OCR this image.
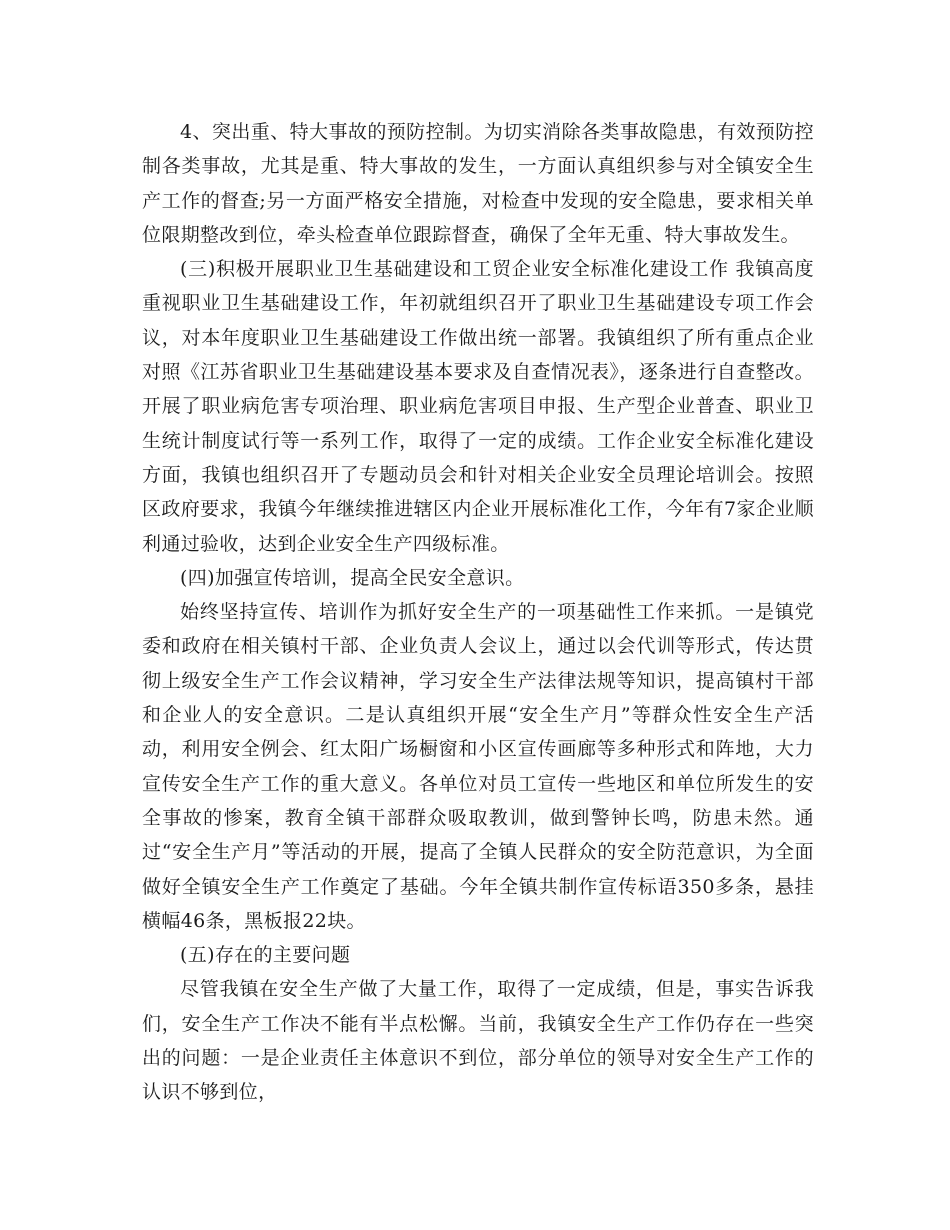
4、突出重、特大事故的预防控制。为切实消除各类事故隐患，有效预防控制各类事故，尤其是重、特大事故的发生，一方面认真组织参与对全镇安全生产工作的督查;另一方面严格安全措施，对检查中发现的安全隐患，要求相关单位限期整改到位，牵头检查单位跟踪督查，确保了全年无重、特大事故发生。

(三)积极开展职业卫生基础建设和工贸企业安全标准化建设工作 我镇高度重视职业卫生基础建设工作，年初就组织召开了职业卫生基础建设专项工作会议，对本年度职业卫生基础建设工作做出统一部署。我镇组织了所有重点企业对照《江苏省职业卫生基础建设基本要求及自查情况表》，逐条进行自查整改。开展了职业病危害专项治理、职业病危害项目申报、生产型企业普查、职业卫生统计制度试行等一系列工作，取得了一定的成绩。工作企业安全标准化建设方面，我镇也组织召开了专题动员会和针对相关企业安全员理论培训会。按照区政府要求，我镇今年继续推进辖区内企业开展标准化工作，今年有7家企业顺利通过验收，达到企业安全生产四级标准。

(四)加强宣传培训，提高全民安全意识。

始终坚持宣传、培训作为抓好安全生产的一项基础性工作来抓。一是镇党委和政府在相关镇村干部、企业负责人会议上，通过以会代训等形式，传达贯彻上级安全生产工作会议精神，学习安全生产法律法规等知识，提高镇村干部和企业人的安全意识。二是认真组织开展“安全生产月”等群众性安全生产活动，利用安全例会、红太阳广场橱窗和小区宣传画廊等多种形式和阵地，大力宣传安全生产工作的重大意义。各单位对员工宣传一些地区和单位所发生的安全事故的惨案，教育全镇干部群众吸取教训，做到警钟长鸣，防患未然。通过“安全生产月”等活动的开展，提高了全镇人民群众的安全防范意识，为全面做好全镇安全生产工作奠定了基础。今年全镇共制作宣传标语350多条，悬挂横幅46条，黑板报22块。

(五)存在的主要问题

尽管我镇在安全生产做了大量工作，取得了一定成绩，但是，事实告诉我们，安全生产工作决不能有半点松懈。当前，我镇安全生产工作仍存在一些突出的问题：一是企业责任主体意识不到位，部分单位的领导对安全生产工作的认识不够到位，
